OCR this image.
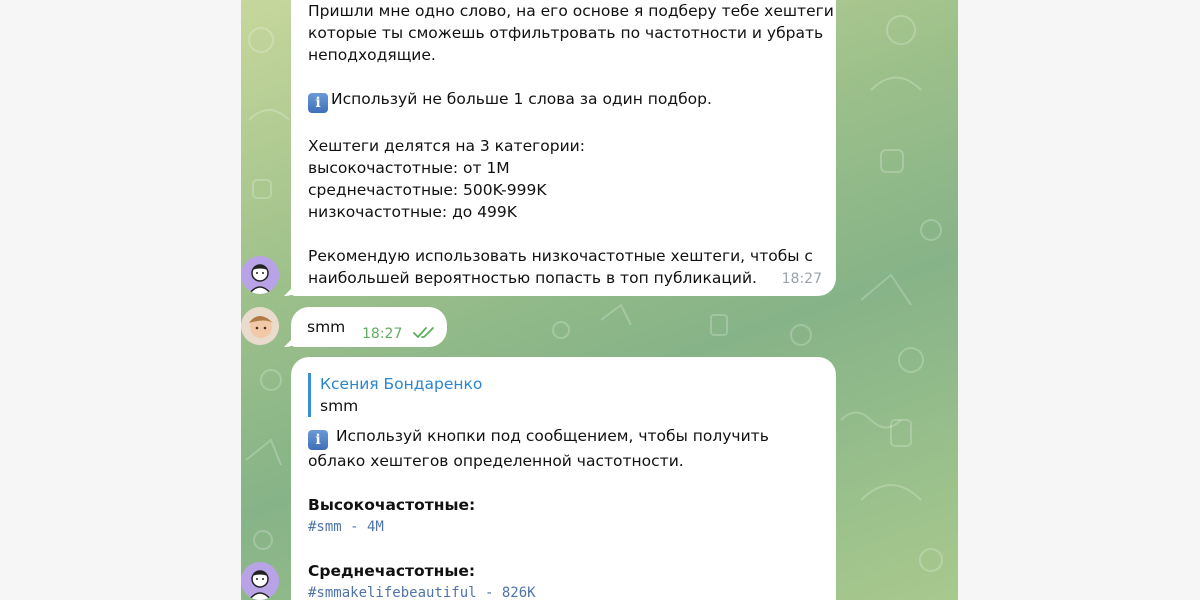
Пришли мне одно слово, на его основе я подберу тебе хештеги
которые ты сможешь отфильтровать по частотности и убрать
неподходящие.
i Используй не больше 1 слова за один подбор.
Хештеги делятся на 3 категории:
высокочастотные: от 1М
среднечастотные: 500K-999K
низкочастотные: до 499K
Рекомендую использовать низкочастотные хештеги, чтобы с
наибольшей вероятностью попасть в топ публикаций.	18:27
smm 18:27
Ксения Бондаренко
smm
i Используй кнопки под сообщением, чтобы получить
облако хештегов определенной частотности.
Высокочастотные:
#smm - 4M
Среднечастотные:
#smmakelifebeautiful - 826K
